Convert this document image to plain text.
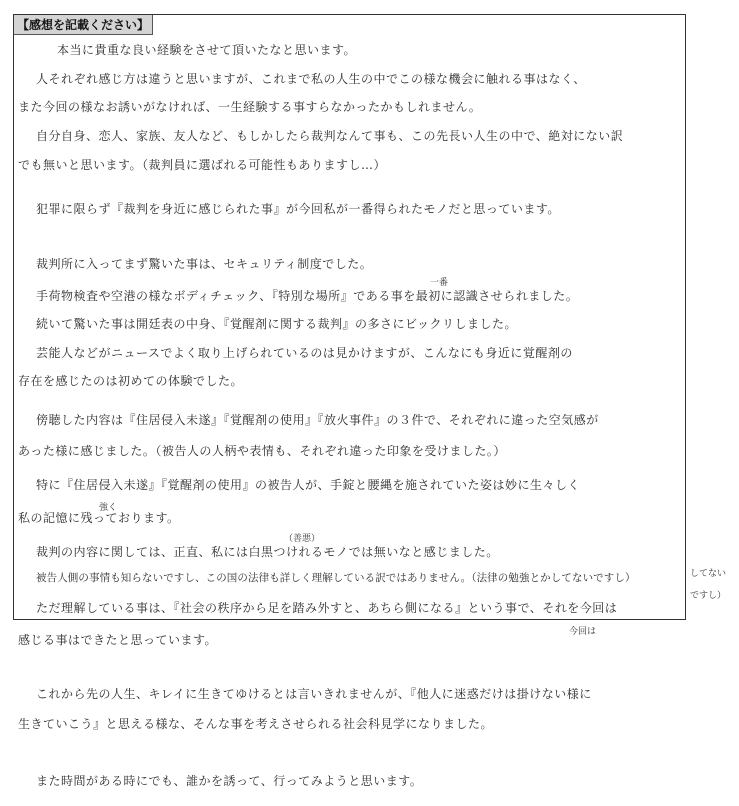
【感想を記載ください】
本当に貴重な良い経験をさせて頂いたなと思います。
人それぞれ感じ方は違うと思いますが、これまで私の人生の中でこの様な機会に触れる事はなく、
また今回の様なお誘いがなければ、一生経験する事すらなかったかもしれません。
自分自身、恋人、家族、友人など、もしかしたら裁判なんて事も、この先長い人生の中で、絶対にない訳
でも無いと思います。（裁判員に選ばれる可能性もありますし…）
犯罪に限らず『裁判を身近に感じられた事』が今回私が一番得られたモノだと思っています。
裁判所に入ってまず驚いた事は、セキュリティ制度でした。
手荷物検査や空港の様なボディチェック、『特別な場所』である事を最初に認識させられました。
続いて驚いた事は開廷表の中身、『覚醒剤に関する裁判』の多さにビックリしました。
芸能人などがニュースでよく取り上げられているのは見かけますが、こんなにも身近に覚醒剤の
存在を感じたのは初めての体験でした。
傍聴した内容は『住居侵入未遂』『覚醒剤の使用』『放火事件』の３件で、それぞれに違った空気感が
あった様に感じました。（被告人の人柄や表情も、それぞれ違った印象を受けました。）
特に『住居侵入未遂』『覚醒剤の使用』の被告人が、手錠と腰縄を施されていた姿は妙に生々しく
私の記憶に残っております。
裁判の内容に関しては、正直、私には白黒つけれるモノでは無いなと感じました。
被告人側の事情も知らないですし、この国の法律も詳しく理解している訳ではありません。（法律の勉強とかしてないですし）
ただ理解している事は、『社会の秩序から足を踏み外すと、あちら側になる』という事で、それを今回は
感じる事はできたと思っています。
これから先の人生、キレイに生きてゆけるとは言いきれませんが、『他人に迷惑だけは掛けない様に
生きていこう』と思える様な、そんな事を考えさせられる社会科見学になりました。
また時間がある時にでも、誰かを誘って、行ってみようと思います。
一番
（善悪）
強く
してない
ですし）
今回は
